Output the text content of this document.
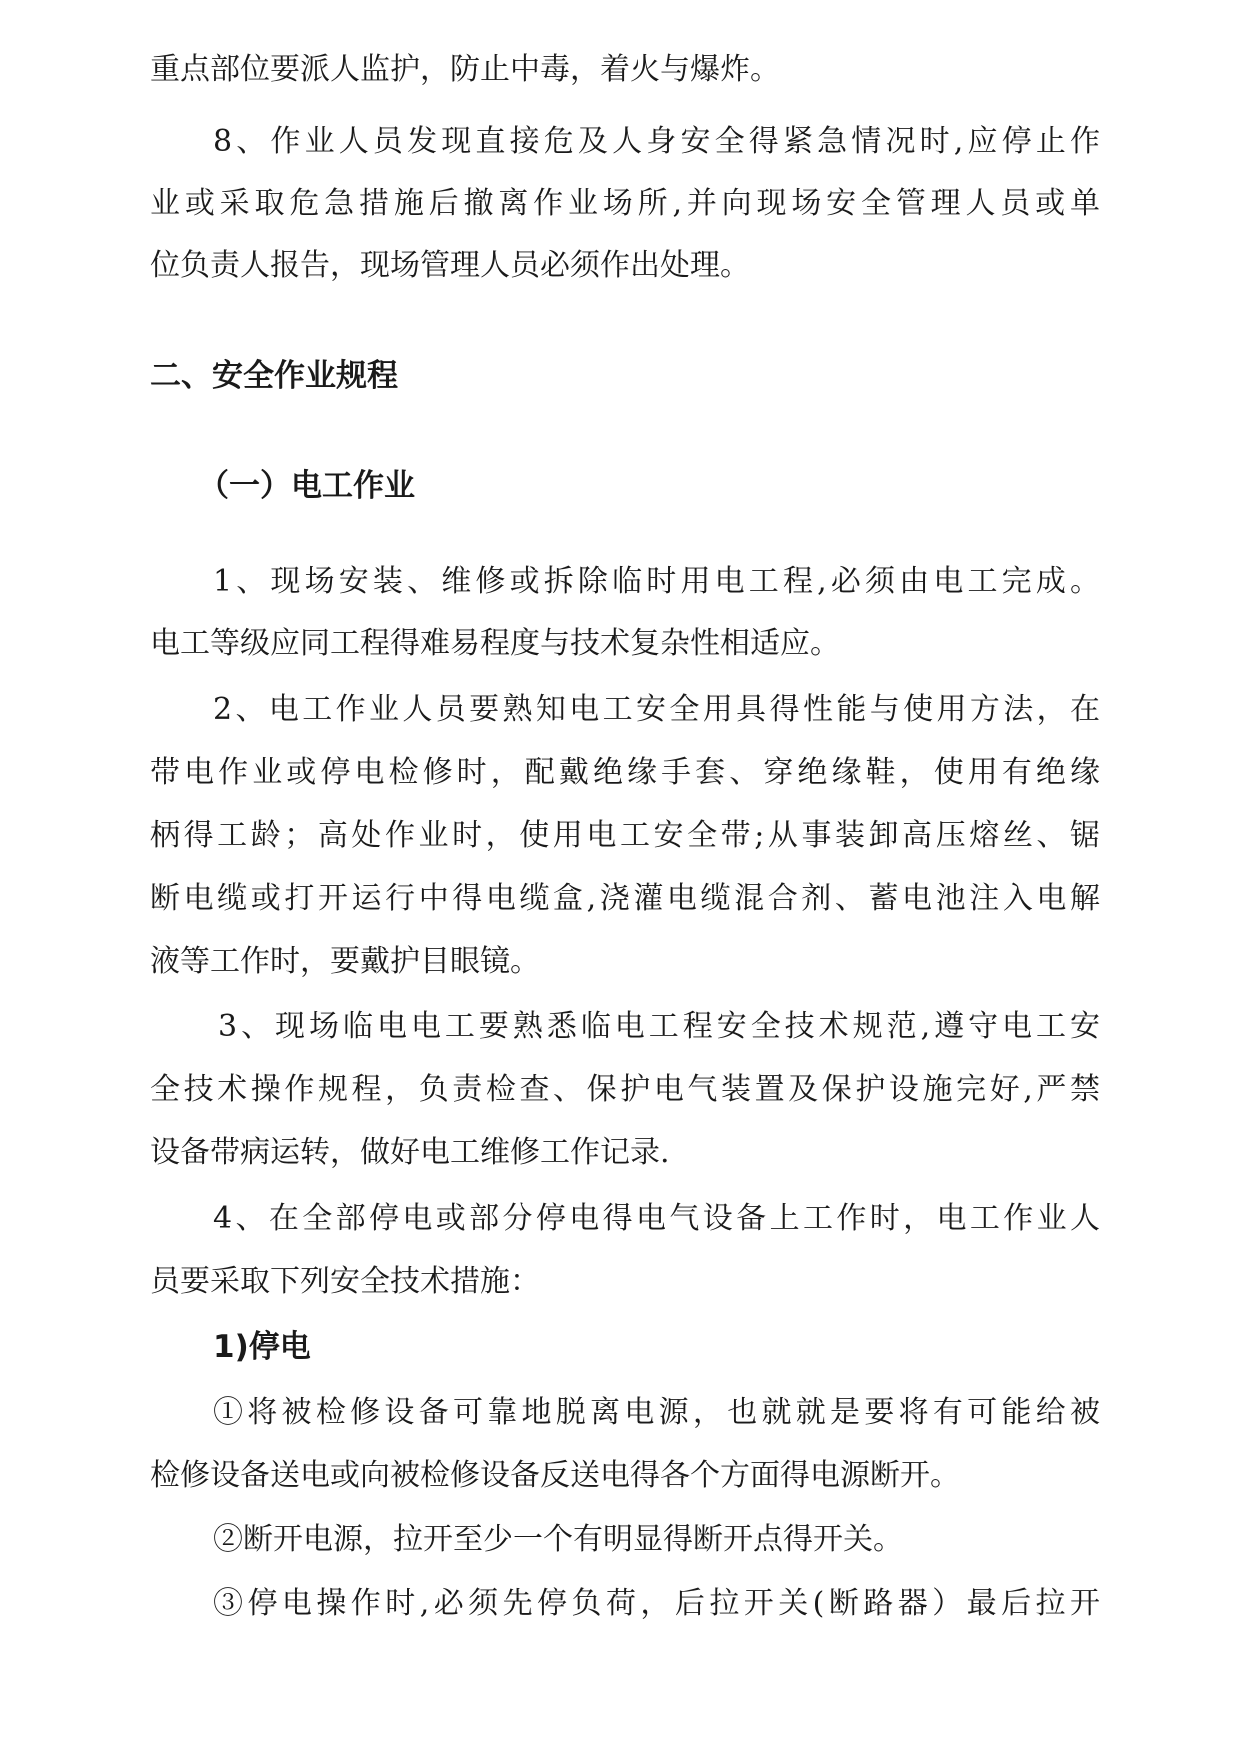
重点部位要派人监护，防止中毒，着火与爆炸。
8、作业人员发现直接危及人身安全得紧急情况时,应停止作
业或采取危急措施后撤离作业场所,并向现场安全管理人员或单
位负责人报告，现场管理人员必须作出处理。
二、安全作业规程
（一）电工作业
1、现场安装、维修或拆除临时用电工程,必须由电工完成。
电工等级应同工程得难易程度与技术复杂性相适应。
2、电工作业人员要熟知电工安全用具得性能与使用方法，在
带电作业或停电检修时，配戴绝缘手套、穿绝缘鞋，使用有绝缘
柄得工龄；高处作业时，使用电工安全带;从事装卸高压熔丝、锯
断电缆或打开运行中得电缆盒,浇灌电缆混合剂、蓄电池注入电解
液等工作时，要戴护目眼镜。
3、现场临电电工要熟悉临电工程安全技术规范,遵守电工安
全技术操作规程，负责检查、保护电气装置及保护设施完好,严禁
设备带病运转，做好电工维修工作记录.
4、在全部停电或部分停电得电气设备上工作时，电工作业人
员要采取下列安全技术措施：
1)停电
①将被检修设备可靠地脱离电源，也就就是要将有可能给被
检修设备送电或向被检修设备反送电得各个方面得电源断开。
②断开电源，拉开至少一个有明显得断开点得开关。
③停电操作时,必须先停负荷，后拉开关(断路器）最后拉开
